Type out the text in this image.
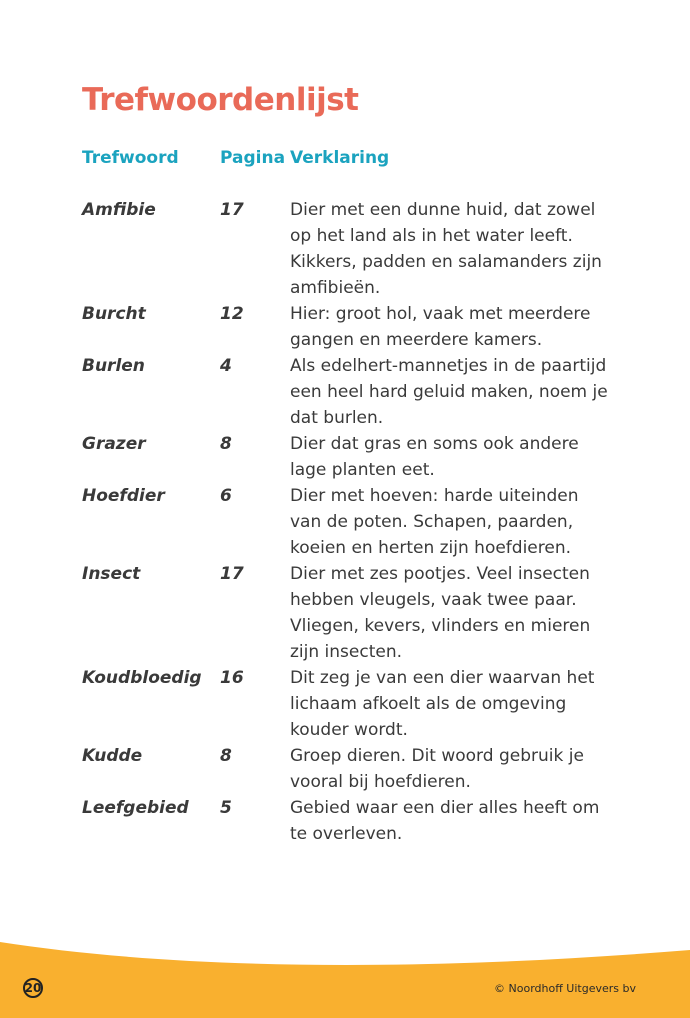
Trefwoordenlijst
Trefwoord Pagina Verklaring
Amfibie	17	Dier met een dunne huid, dat zowel op het land als in het water leeft. Kikkers, padden en salamanders zijn amfibieën.
Burcht	12	Hier: groot hol, vaak met meerdere gangen en meerdere kamers.
Burlen	4	Als edelhert-mannetjes in de paartijd een heel hard geluid maken, noem je dat burlen.
Grazer	8	Dier dat gras en soms ook andere lage planten eet.
Hoefdier	6	Dier met hoeven: harde uiteinden van de poten. Schapen, paarden, koeien en herten zijn hoefdieren.
Insect	17	Dier met zes pootjes. Veel insecten hebben vleugels, vaak twee paar. Vliegen, kevers, vlinders en mieren zijn insecten.
Koudbloedig 16	Dit zeg je van een dier waarvan het lichaam afkoelt als de omgeving kouder wordt.
Kudde	8	Groep dieren. Dit woord gebruik je vooral bij hoefdieren.
Leefgebied 5	Gebied waar een dier alles heeft om te overleven.
20	© Noordhoff Uitgevers bv
